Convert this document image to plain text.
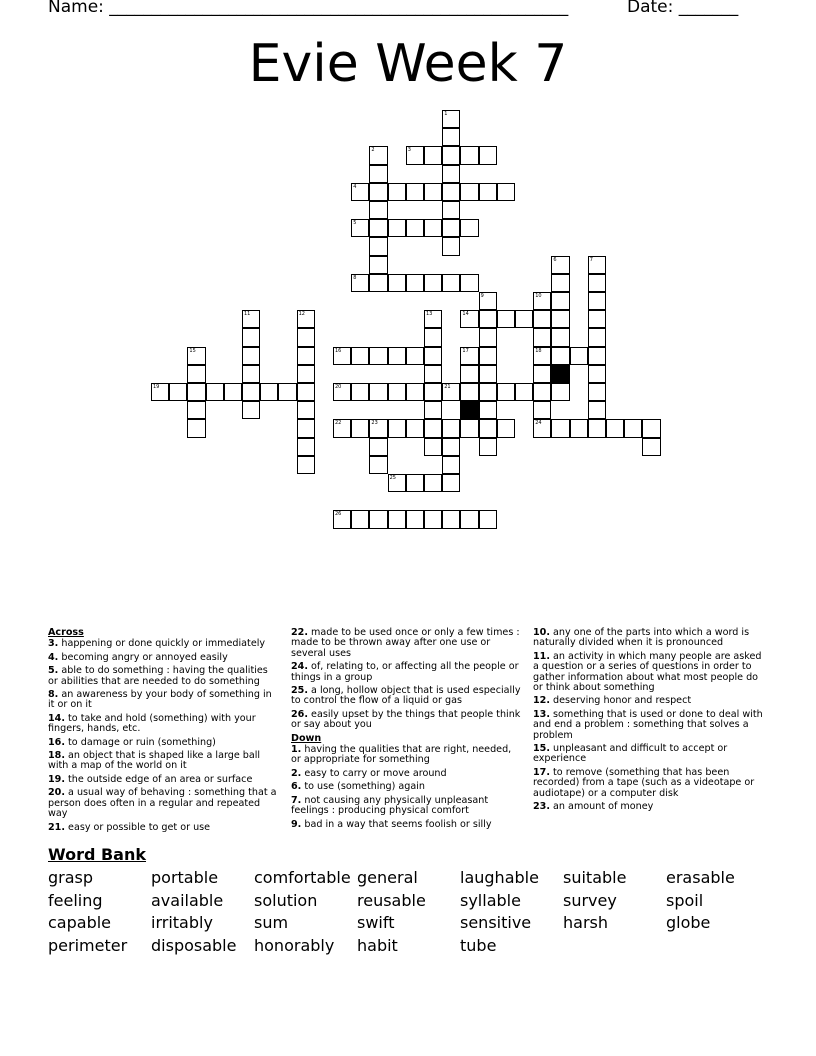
Name: ______________________________________________________	Date: _______
Evie Week 7
1
2	3
4
5
6	7
8
9	10
11	12	13	14
15	16	17	18
19	20	21
22	23	24
25
26
Across
3. happening or done quickly or immediately
4. becoming angry or annoyed easily
5. able to do something : having the qualities or abilities that are needed to do something
8. an awareness by your body of something in it or on it
14. to take and hold (something) with your fingers, hands, etc.
16. to damage or ruin (something)
18. an object that is shaped like a large ball with a map of the world on it
19. the outside edge of an area or surface
20. a usual way of behaving : something that a person does often in a regular and repeated way
21. easy or possible to get or use
22. made to be used once or only a few times : made to be thrown away after one use or several uses
24. of, relating to, or affecting all the people or things in a group
25. a long, hollow object that is used especially to control the flow of a liquid or gas
26. easily upset by the things that people think or say about you
Down
1. having the qualities that are right, needed, or appropriate for something
2. easy to carry or move around
6. to use (something) again
7. not causing any physically unpleasant feelings : producing physical comfort
9. bad in a way that seems foolish or silly
10. any one of the parts into which a word is naturally divided when it is pronounced
11. an activity in which many people are asked a question or a series of questions in order to gather information about what most people do or think about something
12. deserving honor and respect
13. something that is used or done to deal with and end a problem : something that solves a problem
15. unpleasant and difficult to accept or experience
17. to remove (something that has been recorded) from a tape (such as a videotape or audiotape) or a computer disk
23. an amount of money
Word Bank
grasp	portable comfortable general	laughable suitable erasable
feeling	available solution reusable syllable	survey	spoil
capable irritably	sum	swift	sensitive harsh	globe
perimeter disposable honorably habit	tube
